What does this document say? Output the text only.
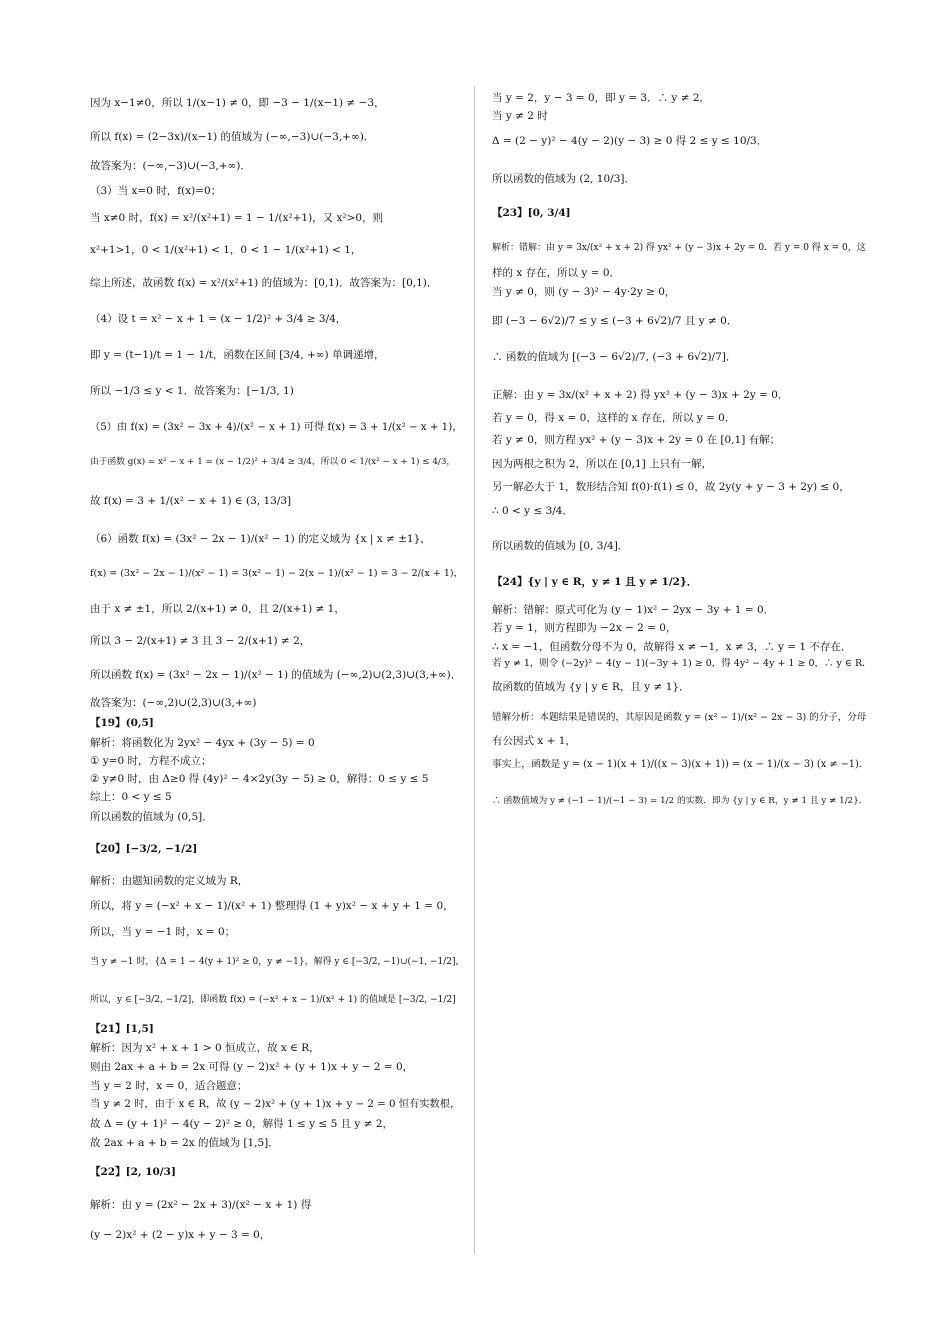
因为 x−1≠0，所以 1/(x−1) ≠ 0，即 −3 − 1/(x−1) ≠ −3，
所以 f(x) = (2−3x)/(x−1) 的值域为 (−∞,−3)∪(−3,+∞)．
故答案为：(−∞,−3)∪(−3,+∞)．
（3）当 x=0 时，f(x)=0；
当 x≠0 时，f(x) = x²/(x²+1) = 1 − 1/(x²+1)，又 x²>0，则
x²+1>1，0 < 1/(x²+1) < 1，0 < 1 − 1/(x²+1) < 1，
综上所述，故函数 f(x) = x²/(x²+1) 的值域为：[0,1)．故答案为：[0,1)．
（4）设 t = x² − x + 1 = (x − 1/2)² + 3/4 ≥ 3/4，
即 y = (t−1)/t = 1 − 1/t，函数在区间 [3/4, +∞) 单调递增，
所以 −1/3 ≤ y < 1．故答案为：[−1/3, 1)
（5）由 f(x) = (3x² − 3x + 4)/(x² − x + 1) 可得 f(x) = 3 + 1/(x² − x + 1)，
由于函数 g(x) = x² − x + 1 = (x − 1/2)² + 3/4 ≥ 3/4，所以 0 < 1/(x² − x + 1) ≤ 4/3，
故 f(x) = 3 + 1/(x² − x + 1) ∈ (3, 13/3]
（6）函数 f(x) = (3x² − 2x − 1)/(x² − 1) 的定义域为 {x | x ≠ ±1}，
f(x) = (3x² − 2x − 1)/(x² − 1) = 3(x² − 1) − 2(x − 1)/(x² − 1) = 3 − 2/(x + 1)，
由于 x ≠ ±1，所以 2/(x+1) ≠ 0，且 2/(x+1) ≠ 1，
所以 3 − 2/(x+1) ≠ 3 且 3 − 2/(x+1) ≠ 2，
所以函数 f(x) = (3x² − 2x − 1)/(x² − 1) 的值域为 (−∞,2)∪(2,3)∪(3,+∞)．
故答案为：(−∞,2)∪(2,3)∪(3,+∞)
【19】(0,5]
解析：将函数化为 2yx² − 4yx + (3y − 5) = 0
① y=0 时，方程不成立；
② y≠0 时，由 Δ≥0 得 (4y)² − 4×2y(3y − 5) ≥ 0，解得：0 ≤ y ≤ 5
综上：0 < y ≤ 5
所以函数的值域为 (0,5]．
【20】[−3/2, −1/2]
解析：由题知函数的定义域为 R，
所以，将 y = (−x² + x − 1)/(x² + 1) 整理得 (1 + y)x² − x + y + 1 = 0，
所以，当 y = −1 时，x = 0；
当 y ≠ −1 时，{Δ = 1 − 4(y + 1)² ≥ 0，y ≠ −1}，解得 y ∈ [−3/2, −1)∪(−1, −1/2]，
所以，y ∈ [−3/2, −1/2]，即函数 f(x) = (−x² + x − 1)/(x² + 1) 的值域是 [−3/2, −1/2]
【21】[1,5]
解析：因为 x² + x + 1 > 0 恒成立，故 x ∈ R，
则由 2ax + a + b = 2x 可得 (y − 2)x² + (y + 1)x + y − 2 = 0，
当 y = 2 时，x = 0，适合题意；
当 y ≠ 2 时，由于 x ∈ R，故 (y − 2)x² + (y + 1)x + y − 2 = 0 恒有实数根，
故 Δ = (y + 1)² − 4(y − 2)² ≥ 0，解得 1 ≤ y ≤ 5 且 y ≠ 2，
故 2ax + a + b = 2x 的值域为 [1,5]．
【22】[2, 10/3]
解析：由 y = (2x² − 2x + 3)/(x² − x + 1) 得
(y − 2)x² + (2 − y)x + y − 3 = 0，
当 y = 2，y − 3 = 0，即 y = 3．∴ y ≠ 2．
当 y ≠ 2 时
Δ = (2 − y)² − 4(y − 2)(y − 3) ≥ 0 得 2 ≤ y ≤ 10/3．
所以函数的值域为 (2, 10/3]．
【23】[0, 3/4]
解析：错解：由 y = 3x/(x² + x + 2) 得 yx² + (y − 3)x + 2y = 0．若 y = 0 得 x = 0，这
样的 x 存在，所以 y = 0．
当 y ≠ 0，则 (y − 3)² − 4y·2y ≥ 0，
即 (−3 − 6√2)/7 ≤ y ≤ (−3 + 6√2)/7 且 y ≠ 0．
∴ 函数的值域为 [(−3 − 6√2)/7, (−3 + 6√2)/7]．
正解：由 y = 3x/(x² + x + 2) 得 yx² + (y − 3)x + 2y = 0．
若 y = 0，得 x = 0，这样的 x 存在，所以 y = 0．
若 y ≠ 0，则方程 yx² + (y − 3)x + 2y = 0 在 [0,1] 有解；
因为两根之积为 2，所以在 [0,1] 上只有一解，
另一解必大于 1，数形结合知 f(0)·f(1) ≤ 0，故 2y(y + y − 3 + 2y) ≤ 0，
∴ 0 < y ≤ 3/4．
所以函数的值域为 [0, 3/4]．
【24】{y | y ∈ R，y ≠ 1 且 y ≠ 1/2}．
解析：错解：原式可化为 (y − 1)x² − 2yx − 3y + 1 = 0．
若 y = 1，则方程即为 −2x − 2 = 0，
∴ x = −1，但函数分母不为 0，故解得 x ≠ −1，x ≠ 3，∴ y = 1 不存在．
若 y ≠ 1，则令 (−2y)² − 4(y − 1)(−3y + 1) ≥ 0，得 4y² − 4y + 1 ≥ 0，∴ y ∈ R．
故函数的值域为 {y | y ∈ R，且 y ≠ 1}．
错解分析：本题结果是错误的，其原因是函数 y = (x² − 1)/(x² − 2x − 3) 的分子，分母
有公因式 x + 1，
事实上，函数是 y = (x − 1)(x + 1)/((x − 3)(x + 1)) = (x − 1)/(x − 3) (x ≠ −1)．
∴ 函数值域为 y ≠ (−1 − 1)/(−1 − 3) = 1/2 的实数．即为 {y | y ∈ R，y ≠ 1 且 y ≠ 1/2}．
